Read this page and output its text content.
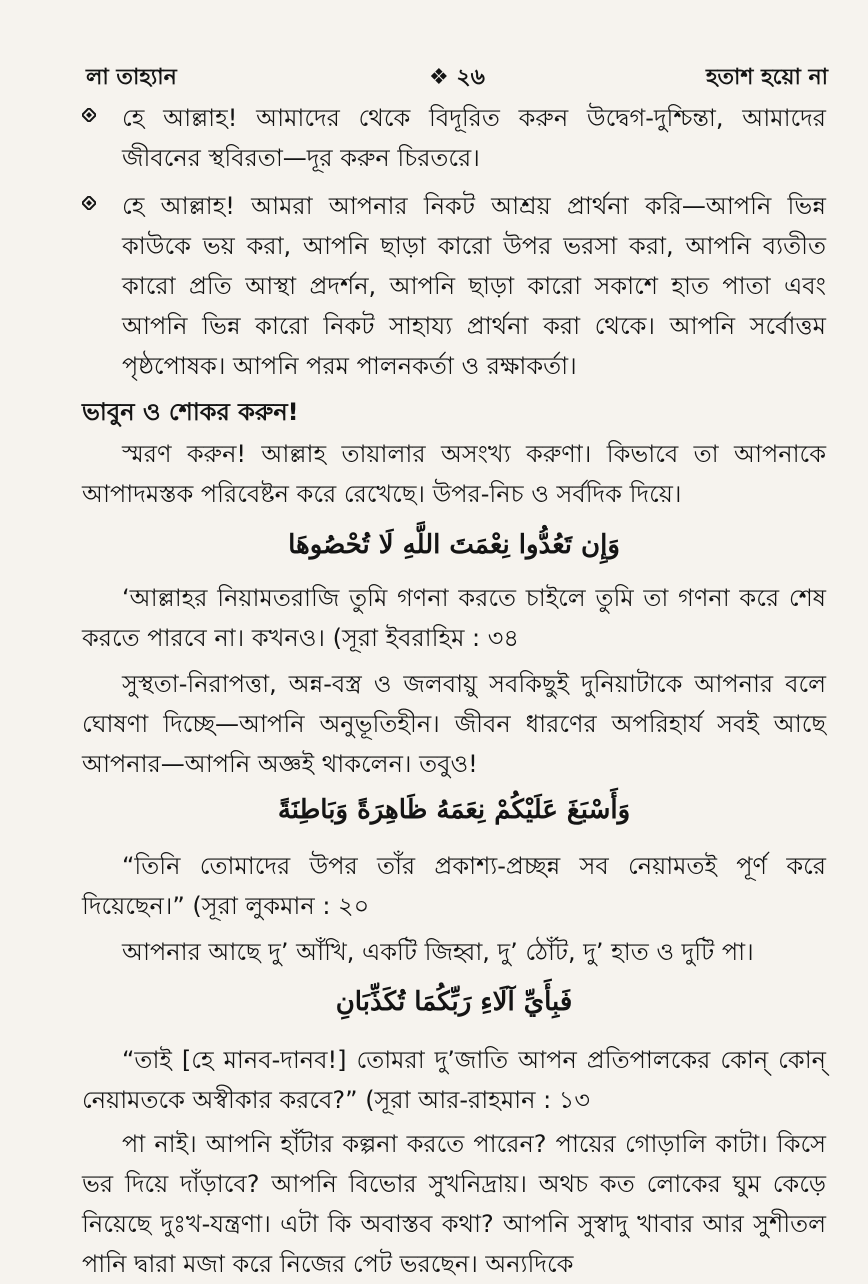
লা তাহ্যান	❖ ২৬	হতাশ হয়ো না
হে আল্লাহ! আমাদের থেকে বিদূরিত করুন উদ্বেগ-দুশ্চিন্তা, আমাদের জীবনের স্থবিরতা—দূর করুন চিরতরে।
হে আল্লাহ! আমরা আপনার নিকট আশ্রয় প্রার্থনা করি—আপনি ভিন্ন কাউকে ভয় করা, আপনি ছাড়া কারো উপর ভরসা করা, আপনি ব্যতীত কারো প্রতি আস্থা প্রদর্শন, আপনি ছাড়া কারো সকাশে হাত পাতা এবং আপনি ভিন্ন কারো নিকট সাহায্য প্রার্থনা করা থেকে। আপনি সর্বোত্তম পৃষ্ঠপোষক। আপনি পরম পালনকর্তা ও রক্ষাকর্তা।
ভাবুন ও শোকর করুন!
স্মরণ করুন! আল্লাহ তায়ালার অসংখ্য করুণা। কিভাবে তা আপনাকে আপাদমস্তক পরিবেষ্টন করে রেখেছে। উপর-নিচ ও সর্বদিক দিয়ে।
وَإِن تَعُدُّوا نِعْمَتَ اللَّهِ لَا تُحْصُوهَا
‘আল্লাহর নিয়ামতরাজি তুমি গণনা করতে চাইলে তুমি তা গণনা করে শেষ করতে পারবে না। কখনও। (সূরা ইবরাহিম : ৩৪
সুস্থতা-নিরাপত্তা, অন্ন-বস্ত্র ও জলবায়ু সবকিছুই দুনিয়াটাকে আপনার বলে ঘোষণা দিচ্ছে—আপনি অনুভূতিহীন। জীবন ধারণের অপরিহার্য সবই আছে আপনার—আপনি অজ্ঞই থাকলেন। তবুও!
وَأَسْبَغَ عَلَيْكُمْ نِعَمَهُ ظَاهِرَةً وَبَاطِنَةً
“তিনি তোমাদের উপর তাঁর প্রকাশ্য-প্রচ্ছন্ন সব নেয়ামতই পূর্ণ করে দিয়েছেন।” (সূরা লুকমান : ২০
আপনার আছে দু’ আঁখি, একটি জিহ্বা, দু’ ঠোঁট, দু’ হাত ও দুটি পা।
فَبِأَيِّ آلَاءِ رَبِّكُمَا تُكَذِّبَانِ
“তাই [হে মানব-দানব!] তোমরা দু’জাতি আপন প্রতিপালকের কোন্ কোন্ নেয়ামতকে অস্বীকার করবে?” (সূরা আর-রাহমান : ১৩
পা নাই। আপনি হাঁটার কল্পনা করতে পারেন? পায়ের গোড়ালি কাটা। কিসে ভর দিয়ে দাঁড়াবে? আপনি বিভোর সুখনিদ্রায়। অথচ কত লোকের ঘুম কেড়ে নিয়েছে দুঃখ-যন্ত্রণা। এটা কি অবাস্তব কথা? আপনি সুস্বাদু খাবার আর সুশীতল পানি দ্বারা মজা করে নিজের পেট ভরছেন। অন্যদিকে
